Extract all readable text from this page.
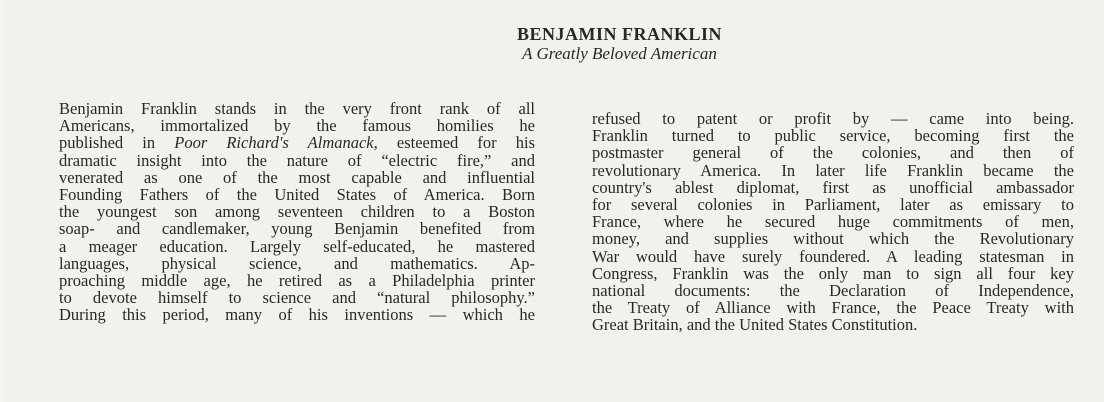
BENJAMIN FRANKLIN
A Greatly Beloved American
Benjamin Franklin stands in the very front rank of all
Americans, immortalized by the famous homilies he
published in Poor Richard's Almanack, esteemed for his
dramatic insight into the nature of “electric fire,” and
venerated as one of the most capable and influential
Founding Fathers of the United States of America. Born
the youngest son among seventeen children to a Boston
soap- and candlemaker, young Benjamin benefited from
a meager education. Largely self-educated, he mastered
languages, physical science, and mathematics. Ap-
proaching middle age, he retired as a Philadelphia printer
to devote himself to science and “natural philosophy.”
During this period, many of his inventions — which he
refused to patent or profit by — came into being.
Franklin turned to public service, becoming first the
postmaster general of the colonies, and then of
revolutionary America. In later life Franklin became the
country's ablest diplomat, first as unofficial ambassador
for several colonies in Parliament, later as emissary to
France, where he secured huge commitments of men,
money, and supplies without which the Revolutionary
War would have surely foundered. A leading statesman in
Congress, Franklin was the only man to sign all four key
national documents: the Declaration of Independence,
the Treaty of Alliance with France, the Peace Treaty with
Great Britain, and the United States Constitution.
